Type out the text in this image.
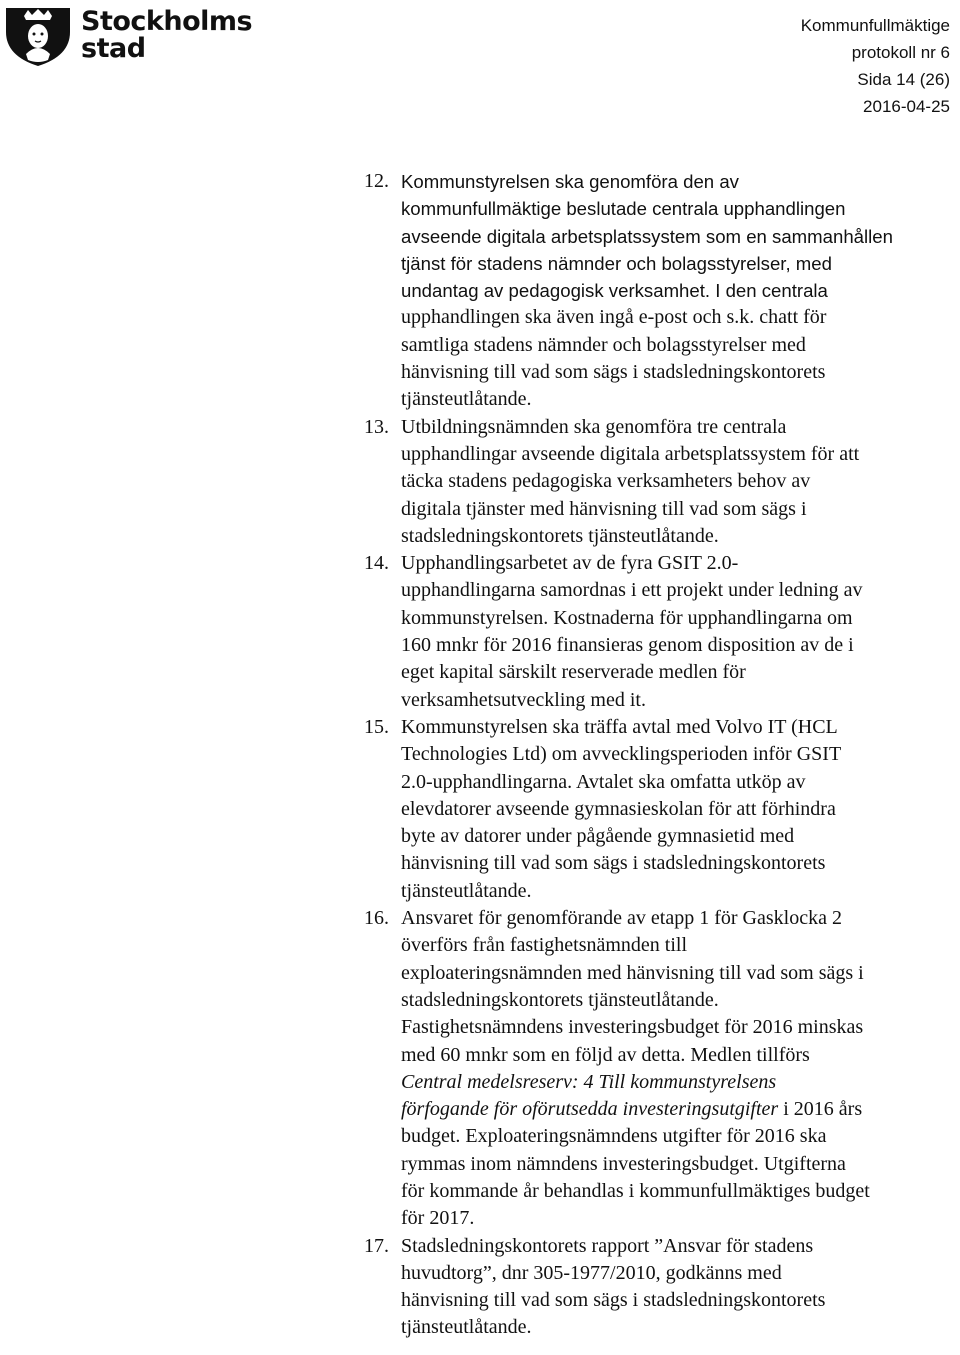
Stockholms
stad
Kommunfullmäktige
protokoll nr 6
Sida 14 (26)
2016-04-25
12. Kommunstyrelsen ska genomföra den av
kommunfullmäktige beslutade centrala upphandlingen
avseende digitala arbetsplatssystem som en sammanhållen
tjänst för stadens nämnder och bolagsstyrelser, med
undantag av pedagogisk verksamhet. I den centrala
upphandlingen ska även ingå e-post och s.k. chatt för
samtliga stadens nämnder och bolagsstyrelser med
hänvisning till vad som sägs i stadsledningskontorets
tjänsteutlåtande.
13. Utbildningsnämnden ska genomföra tre centrala
upphandlingar avseende digitala arbetsplatssystem för att
täcka stadens pedagogiska verksamheters behov av
digitala tjänster med hänvisning till vad som sägs i
stadsledningskontorets tjänsteutlåtande.
14. Upphandlingsarbetet av de fyra GSIT 2.0-
upphandlingarna samordnas i ett projekt under ledning av
kommunstyrelsen. Kostnaderna för upphandlingarna om
160 mnkr för 2016 finansieras genom disposition av de i
eget kapital särskilt reserverade medlen för
verksamhetsutveckling med it.
15. Kommunstyrelsen ska träffa avtal med Volvo IT (HCL
Technologies Ltd) om avvecklingsperioden inför GSIT
2.0-upphandlingarna. Avtalet ska omfatta utköp av
elevdatorer avseende gymnasieskolan för att förhindra
byte av datorer under pågående gymnasietid med
hänvisning till vad som sägs i stadsledningskontorets
tjänsteutlåtande.
16. Ansvaret för genomförande av etapp 1 för Gasklocka 2
överförs från fastighetsnämnden till
exploateringsnämnden med hänvisning till vad som sägs i
stadsledningskontorets tjänsteutlåtande.
Fastighetsnämndens investeringsbudget för 2016 minskas
med 60 mnkr som en följd av detta. Medlen tillförs
Central medelsreserv: 4 Till kommunstyrelsens
förfogande för oförutsedda investeringsutgifter i 2016 års
budget. Exploateringsnämndens utgifter för 2016 ska
rymmas inom nämndens investeringsbudget. Utgifterna
för kommande år behandlas i kommunfullmäktiges budget
för 2017.
17. Stadsledningskontorets rapport ”Ansvar för stadens
huvudtorg”, dnr 305-1977/2010, godkänns med
hänvisning till vad som sägs i stadsledningskontorets
tjänsteutlåtande.
